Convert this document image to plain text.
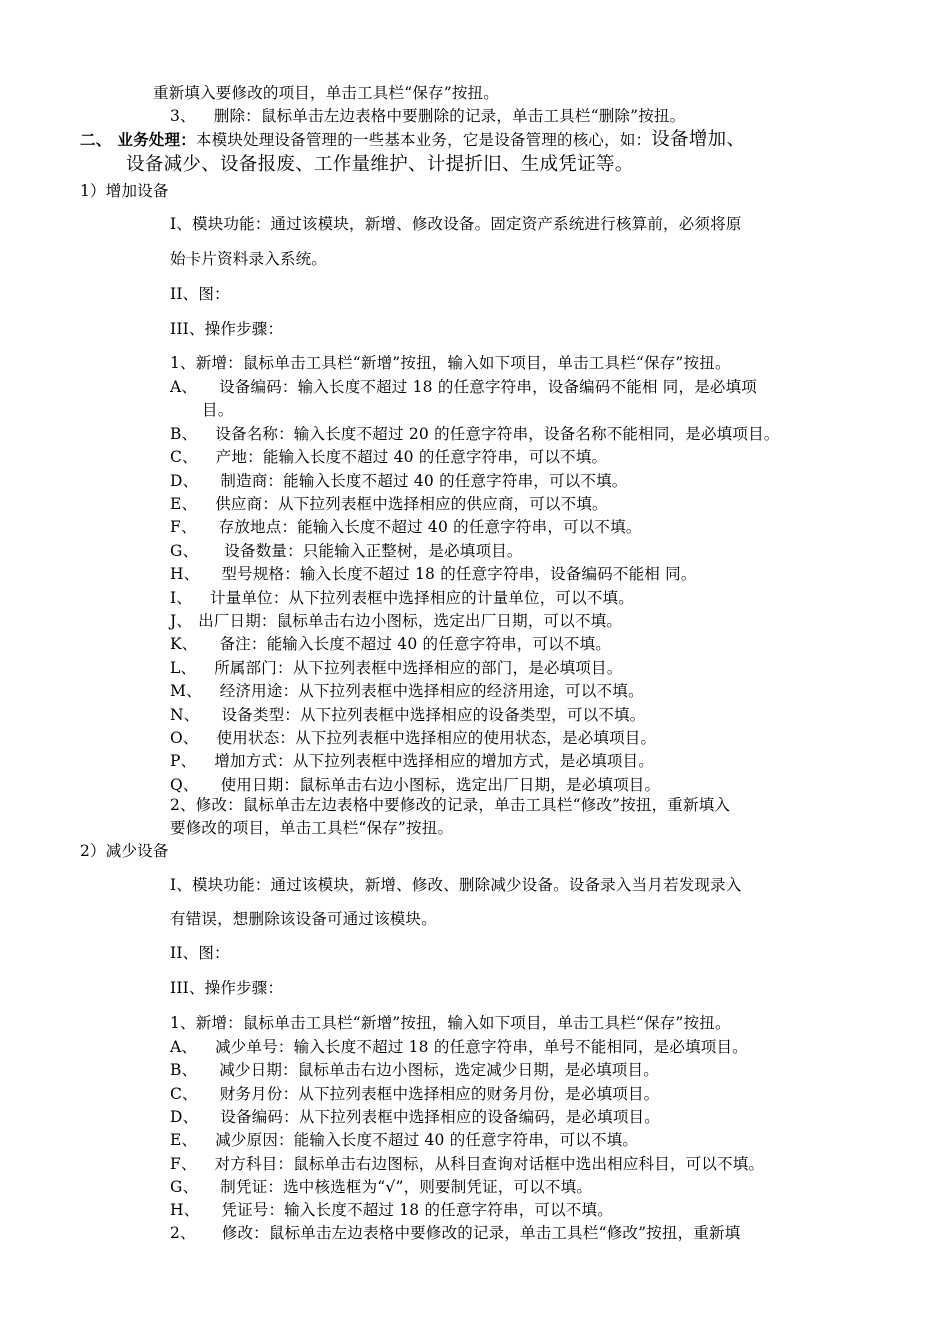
重新填入要修改的项目，单击工具栏“保存”按扭。
3、 删除：鼠标单击左边表格中要删除的记录，单击工具栏“删除”按扭。
二、 业务处理：本模块处理设备管理的一些基本业务，它是设备管理的核心，如：设备增加、
设备减少、设备报废、工作量维护、计提折旧、生成凭证等。
1）增加设备
I、模块功能：通过该模块，新增、修改设备。固定资产系统进行核算前，必须将原
始卡片资料录入系统。
II、图：
III、操作步骤：
1、新增：鼠标单击工具栏“新增”按扭，输入如下项目，单击工具栏“保存”按扭。
A、 设备编码：输入长度不超过 18 的任意字符串，设备编码不能相 同，是必填项
目。
B、 设备名称：输入长度不超过 20 的任意字符串，设备名称不能相同，是必填项目。
C、 产地：能输入长度不超过 40 的任意字符串，可以不填。
D、 制造商：能输入长度不超过 40 的任意字符串，可以不填。
E、 供应商：从下拉列表框中选择相应的供应商，可以不填。
F、 存放地点：能输入长度不超过 40 的任意字符串，可以不填。
G、 设备数量：只能输入正整树，是必填项目。
H、 型号规格：输入长度不超过 18 的任意字符串，设备编码不能相 同。
I、 计量单位：从下拉列表框中选择相应的计量单位，可以不填。
J、 出厂日期：鼠标单击右边小图标，选定出厂日期，可以不填。
K、 备注：能输入长度不超过 40 的任意字符串，可以不填。
L、 所属部门：从下拉列表框中选择相应的部门，是必填项目。
M、 经济用途：从下拉列表框中选择相应的经济用途，可以不填。
N、 设备类型：从下拉列表框中选择相应的设备类型，可以不填。
O、 使用状态：从下拉列表框中选择相应的使用状态，是必填项目。
P、 增加方式：从下拉列表框中选择相应的增加方式，是必填项目。
Q、 使用日期：鼠标单击右边小图标，选定出厂日期，是必填项目。
2、修改：鼠标单击左边表格中要修改的记录，单击工具栏“修改”按扭，重新填入
要修改的项目，单击工具栏“保存”按扭。
2）减少设备
I、模块功能：通过该模块，新增、修改、删除减少设备。设备录入当月若发现录入
有错误，想删除该设备可通过该模块。
II、图：
III、操作步骤：
1、新增：鼠标单击工具栏“新增”按扭，输入如下项目，单击工具栏“保存”按扭。
A、 减少单号：输入长度不超过 18 的任意字符串，单号不能相同，是必填项目。
B、 减少日期：鼠标单击右边小图标，选定减少日期，是必填项目。
C、 财务月份：从下拉列表框中选择相应的财务月份，是必填项目。
D、 设备编码：从下拉列表框中选择相应的设备编码，是必填项目。
E、 减少原因：能输入长度不超过 40 的任意字符串，可以不填。
F、 对方科目：鼠标单击右边图标，从科目查询对话框中选出相应科目，可以不填。
G、 制凭证：选中核选框为“√”，则要制凭证，可以不填。
H、 凭证号：输入长度不超过 18 的任意字符串，可以不填。
2、 修改：鼠标单击左边表格中要修改的记录，单击工具栏“修改”按扭，重新填
